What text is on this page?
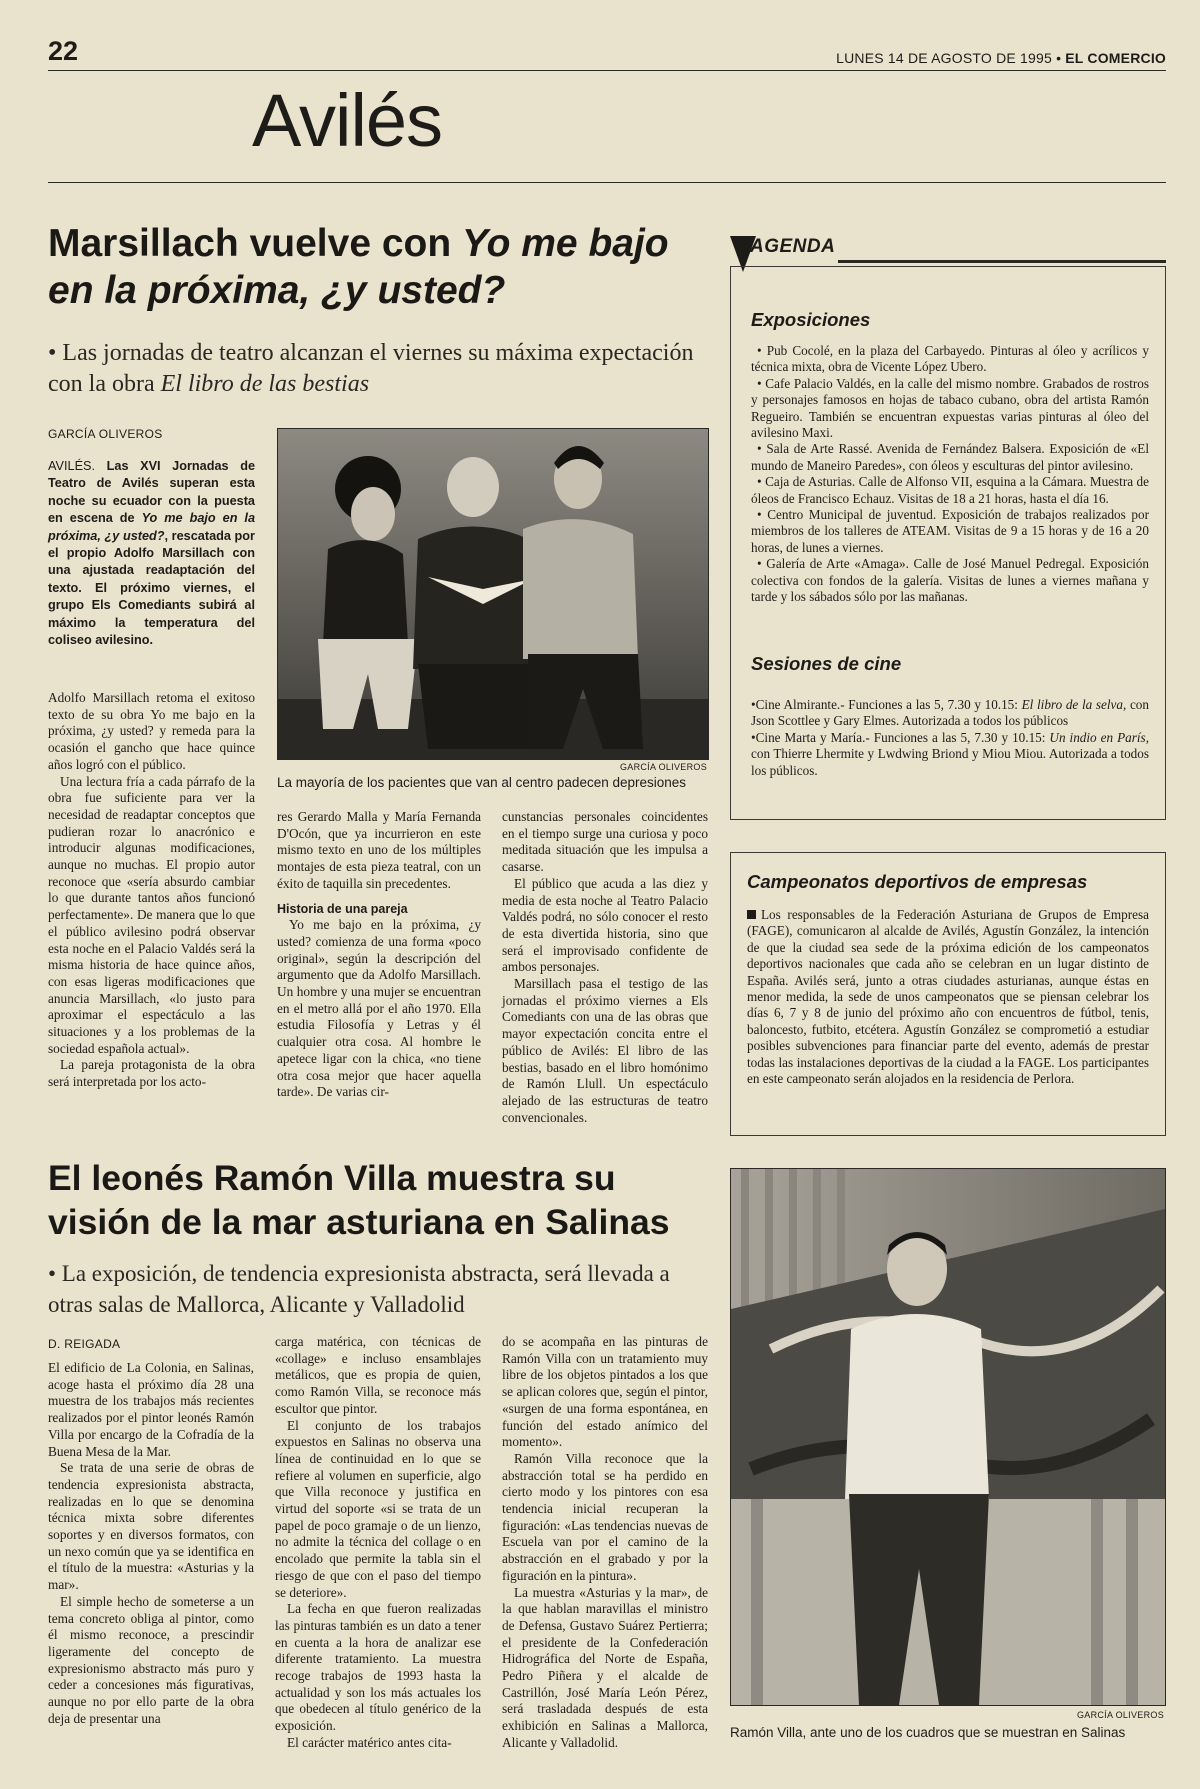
22	LUNES 14 DE AGOSTO DE 1995 • EL COMERCIO
Avilés
Marsillach vuelve con Yo me bajo en la próxima, ¿y usted?
• Las jornadas de teatro alcanzan el viernes su máxima expectación con la obra El libro de las bestias
GARCÍA OLIVEROS
AVILÉS. Las XVI Jornadas de Teatro de Avilés superan esta noche su ecuador con la puesta en escena de Yo me bajo en la próxima, ¿y usted?, rescatada por el propio Adolfo Marsillach con una ajustada readaptación del texto. El próximo viernes, el grupo Els Comediants subirá al máximo la temperatura del coliseo avilesino.

Adolfo Marsillach retoma el exitoso texto de su obra Yo me bajo en la próxima, ¿y usted? y remeda para la ocasión el gancho que hace quince años logró con el público.

Una lectura fría a cada párrafo de la obra fue suficiente para ver la necesidad de readaptar conceptos que pudieran rozar lo anacrónico e introducir algunas modificaciones, aunque no muchas. El propio autor reconoce que «sería absurdo cambiar lo que durante tantos años funcionó perfectamente». De manera que lo que el público avilesino podrá observar esta noche en el Palacio Valdés será la misma historia de hace quince años, con esas ligeras modificaciones que anuncia Marsillach, «lo justo para aproximar el espectáculo a las situaciones y a los problemas de la sociedad española actual».

La pareja protagonista de la obra será interpretada por los acto-

GARCÍA OLIVEROS
La mayoría de los pacientes que van al centro padecen depresiones

res Gerardo Malla y María Fernanda D'Ocón, que ya incurrieron en este mismo texto en uno de los múltiples montajes de esta pieza teatral, con un éxito de taquilla sin precedentes.

Historia de una pareja

Yo me bajo en la próxima, ¿y usted? comienza de una forma «poco original», según la descripción del argumento que da Adolfo Marsillach. Un hombre y una mujer se encuentran en el metro allá por el año 1970. Ella estudia Filosofía y Letras y él cualquier otra cosa. Al hombre le apetece ligar con la chica, «no tiene otra cosa mejor que hacer aquella tarde». De varias cir-

cunstancias personales coincidentes en el tiempo surge una curiosa y poco meditada situación que les impulsa a casarse.

El público que acuda a las diez y media de esta noche al Teatro Palacio Valdés podrá, no sólo conocer el resto de esta divertida historia, sino que será el improvisado confidente de ambos personajes.

Marsillach pasa el testigo de las jornadas el próximo viernes a Els Comediants con una de las obras que mayor expectación concita entre el público de Avilés: El libro de las bestias, basado en el libro homónimo de Ramón Llull. Un espectáculo alejado de las estructuras de teatro convencionales.

AGENDA
Exposiciones

• Pub Cocolé, en la plaza del Carbayedo. Pinturas al óleo y acrílicos y técnica mixta, obra de Vicente López Ubero.

• Cafe Palacio Valdés, en la calle del mismo nombre. Grabados de rostros y personajes famosos en hojas de tabaco cubano, obra del artista Ramón Regueiro. También se encuentran expuestas varias pinturas al óleo del avilesino Maxi.

• Sala de Arte Rassé. Avenida de Fernández Balsera. Exposición de «El mundo de Maneiro Paredes», con óleos y esculturas del pintor avilesino.

• Caja de Asturias. Calle de Alfonso VII, esquina a la Cámara. Muestra de óleos de Francisco Echauz. Visitas de 18 a 21 horas, hasta el día 16.

• Centro Municipal de juventud. Exposición de trabajos realizados por miembros de los talleres de ATEAM. Visitas de 9 a 15 horas y de 16 a 20 horas, de lunes a viernes.

• Galería de Arte «Amaga». Calle de José Manuel Pedregal. Exposición colectiva con fondos de la galería. Visitas de lunes a viernes mañana y tarde y los sábados sólo por las mañanas.

Sesiones de cine

•Cine Almirante.- Funciones a las 5, 7.30 y 10.15: El libro de la selva, con Json Scottlee y Gary Elmes. Autorizada a todos los públicos

•Cine Marta y María.- Funciones a las 5, 7.30 y 10.15: Un indio en París, con Thierre Lhermite y Lwdwing Briond y Miou Miou. Autorizada a todos los públicos.

Campeonatos deportivos de empresas

Los responsables de la Federación Asturiana de Grupos de Empresa (FAGE), comunicaron al alcalde de Avilés, Agustín González, la intención de que la ciudad sea sede de la próxima edición de los campeonatos deportivos nacionales que cada año se celebran en un lugar distinto de España. Avilés será, junto a otras ciudades asturianas, aunque éstas en menor medida, la sede de unos campeonatos que se piensan celebrar los días 6, 7 y 8 de junio del próximo año con encuentros de fútbol, tenis, baloncesto, futbito, etcétera. Agustín González se comprometió a estudiar posibles subvenciones para financiar parte del evento, además de prestar todas las instalaciones deportivas de la ciudad a la FAGE. Los participantes en este campeonato serán alojados en la residencia de Perlora.

El leonés Ramón Villa muestra su visión de la mar asturiana en Salinas
• La exposición, de tendencia expresionista abstracta, será llevada a otras salas de Mallorca, Alicante y Valladolid
D. REIGADA

El edificio de La Colonia, en Salinas, acoge hasta el próximo día 28 una muestra de los trabajos más recientes realizados por el pintor leonés Ramón Villa por encargo de la Cofradía de la Buena Mesa de la Mar.

Se trata de una serie de obras de tendencia expresionista abstracta, realizadas en lo que se denomina técnica mixta sobre diferentes soportes y en diversos formatos, con un nexo común que ya se identifica en el título de la muestra: «Asturias y la mar».

El simple hecho de someterse a un tema concreto obliga al pintor, como él mismo reconoce, a prescindir ligeramente del concepto de expresionismo abstracto más puro y ceder a concesiones más figurativas, aunque no por ello parte de la obra deja de presentar una

carga matérica, con técnicas de «collage» e incluso ensamblajes metálicos, que es propia de quien, como Ramón Villa, se reconoce más escultor que pintor.

El conjunto de los trabajos expuestos en Salinas no observa una línea de continuidad en lo que se refiere al volumen en superficie, algo que Villa reconoce y justifica en virtud del soporte «si se trata de un papel de poco gramaje o de un lienzo, no admite la técnica del collage o en encolado que permite la tabla sin el riesgo de que con el paso del tiempo se deteriore».

La fecha en que fueron realizadas las pinturas también es un dato a tener en cuenta a la hora de analizar ese diferente tratamiento. La muestra recoge trabajos de 1993 hasta la actualidad y son los más actuales los que obedecen al título genérico de la exposición.

El carácter matérico antes cita-

do se acompaña en las pinturas de Ramón Villa con un tratamiento muy libre de los objetos pintados a los que se aplican colores que, según el pintor, «surgen de una forma espontánea, en función del estado anímico del momento».

Ramón Villa reconoce que la abstracción total se ha perdido en cierto modo y los pintores con esa tendencia inicial recuperan la figuración: «Las tendencias nuevas de Escuela van por el camino de la abstracción en el grabado y por la figuración en la pintura».

La muestra «Asturias y la mar», de la que hablan maravillas el ministro de Defensa, Gustavo Suárez Pertierra; el presidente de la Confederación Hidrográfica del Norte de España, Pedro Piñera y el alcalde de Castrillón, José María León Pérez, será trasladada después de esta exhibición en Salinas a Mallorca, Alicante y Valladolid.

GARCÍA OLIVEROS
Ramón Villa, ante uno de los cuadros que se muestran en Salinas
